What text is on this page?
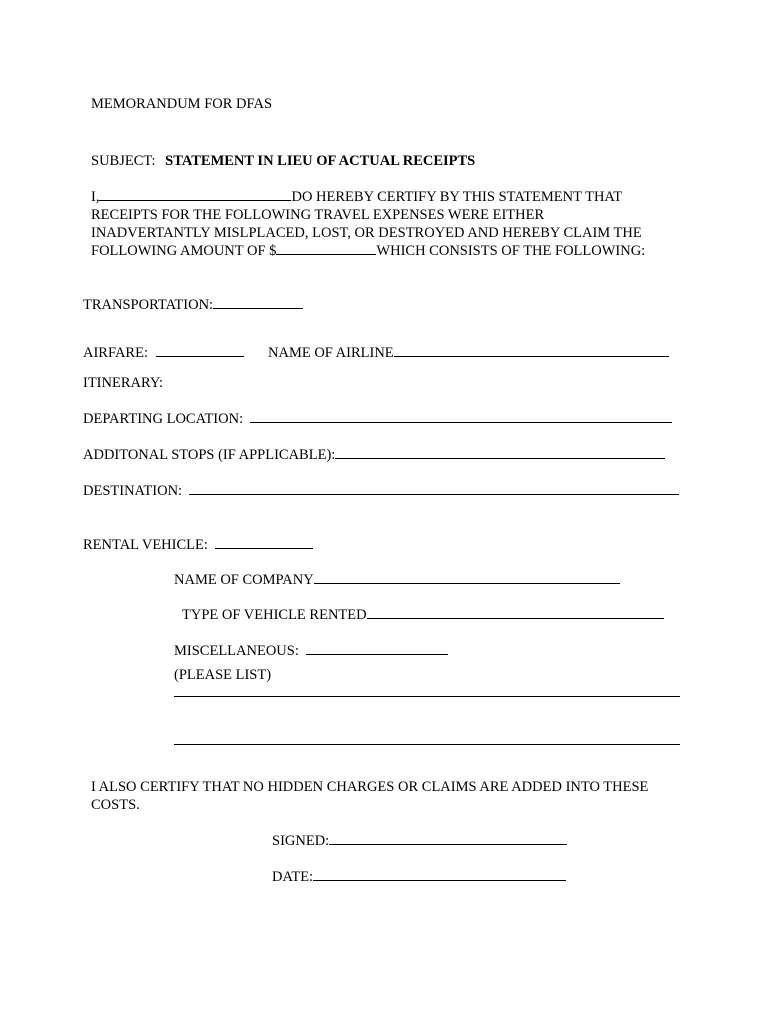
MEMORANDUM FOR DFAS
SUBJECT: STATEMENT IN LIEU OF ACTUAL RECEIPTS
I,	DO HEREBY CERTIFY BY THIS STATEMENT THAT
RECEIPTS FOR THE FOLLOWING TRAVEL EXPENSES WERE EITHER
INADVERTANTLY MISLPLACED, LOST, OR DESTROYED AND HEREBY CLAIM THE
FOLLOWING AMOUNT OF $	WHICH CONSISTS OF THE FOLLOWING:
TRANSPORTATION:
AIRFARE:	NAME OF AIRLINE
ITINERARY:
DEPARTING LOCATION:
ADDITONAL STOPS (IF APPLICABLE):
DESTINATION:
RENTAL VEHICLE:
NAME OF COMPANY
TYPE OF VEHICLE RENTED
MISCELLANEOUS:
(PLEASE LIST)
I ALSO CERTIFY THAT NO HIDDEN CHARGES OR CLAIMS ARE ADDED INTO THESE
COSTS.
SIGNED:
DATE:
